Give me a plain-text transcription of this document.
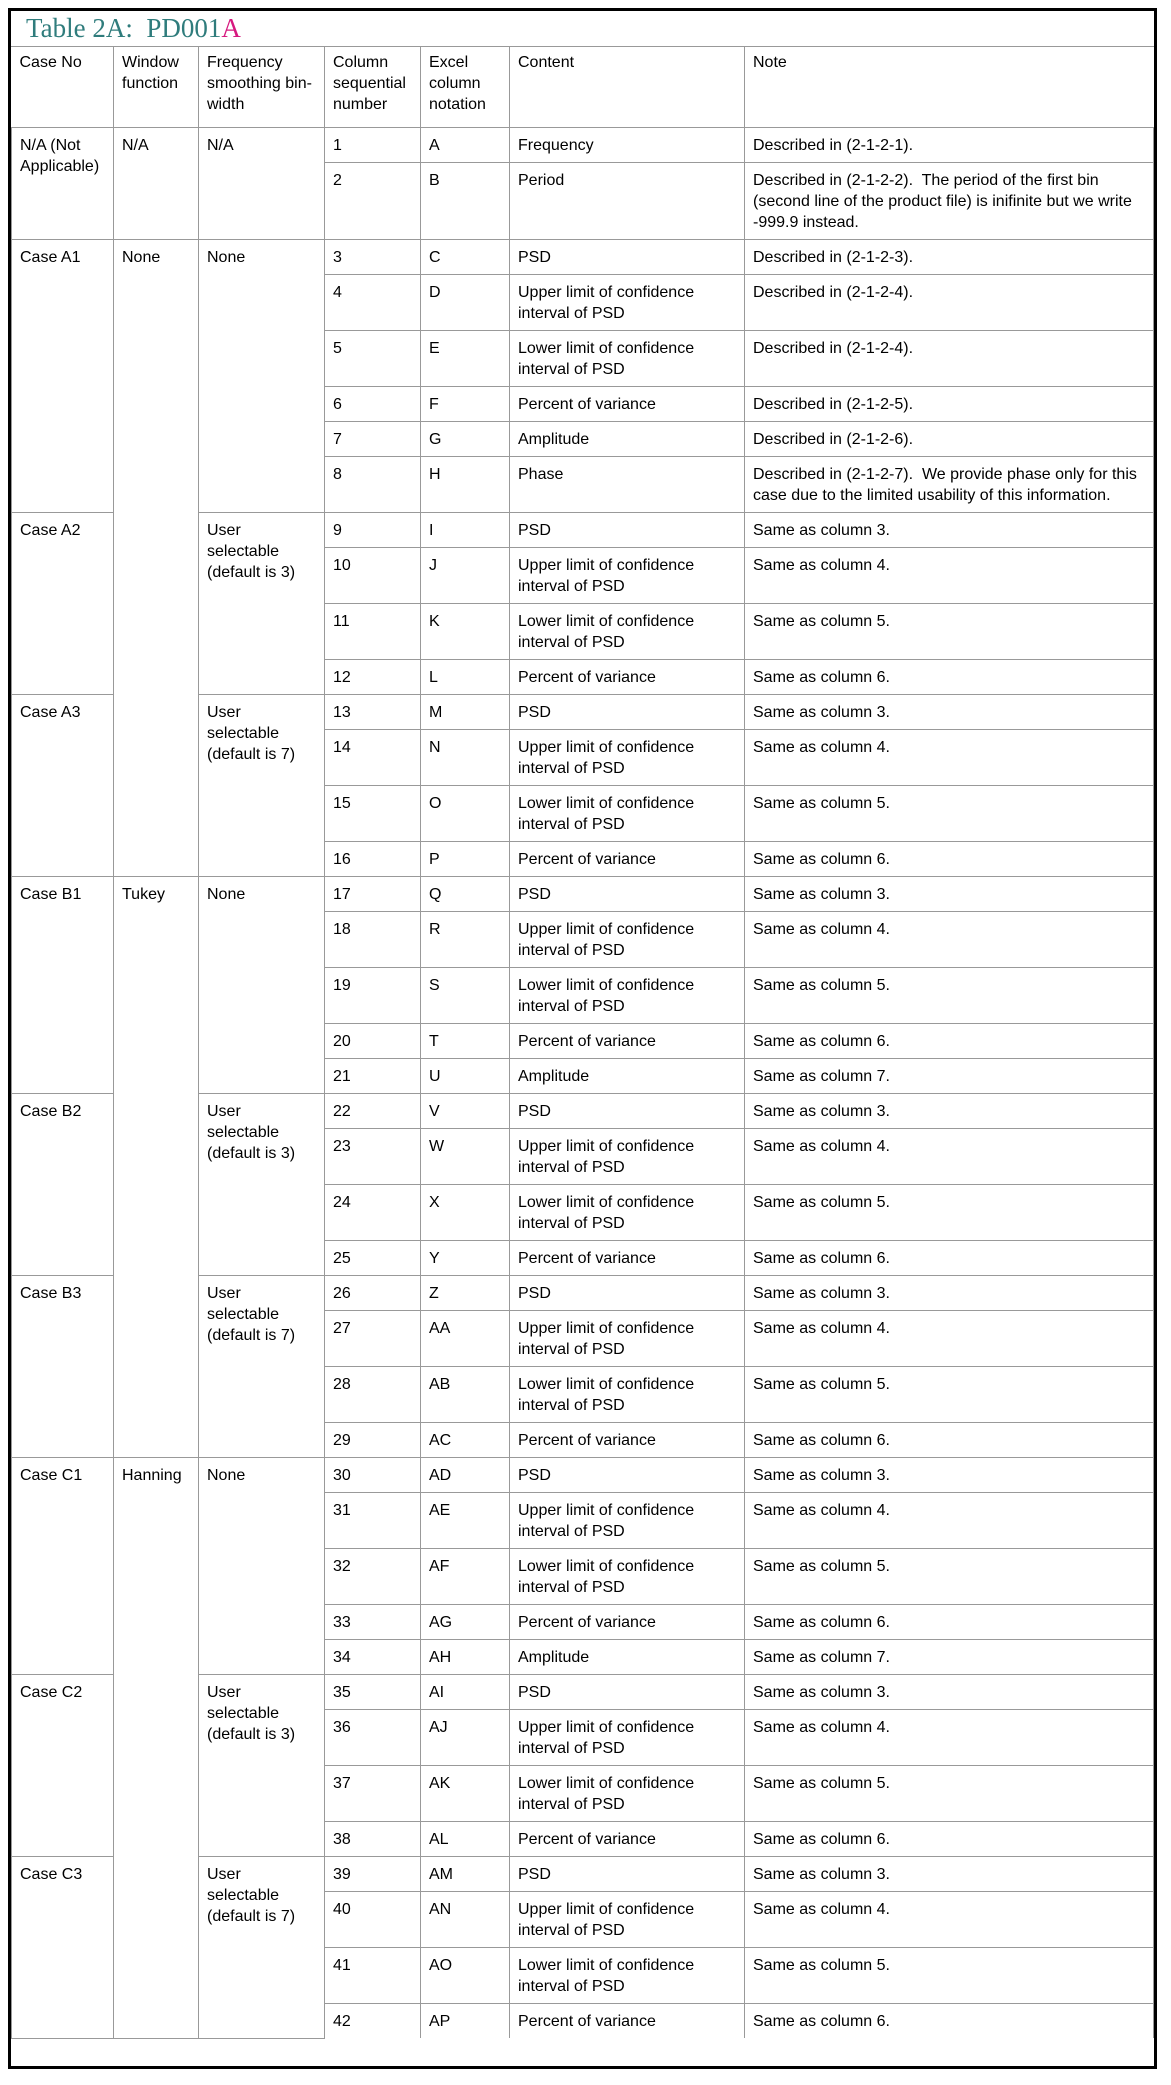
Table 2A:  PD001A
Case No	Window function	Frequency smoothing bin-width	Column sequential number	Excel column notation	Content	Note
N/A (Not Applicable)	N/A	N/A	1	A	Frequency	Described in (2-1-2-1).
			2	B	Period	Described in (2-1-2-2).  The period of the first bin (second line of the product file) is inifinite but we write -999.9 instead.
Case A1	None	None	3	C	PSD	Described in (2-1-2-3).
			4	D	Upper limit of confidence interval of PSD	Described in (2-1-2-4).
			5	E	Lower limit of confidence interval of PSD	Described in (2-1-2-4).
			6	F	Percent of variance	Described in (2-1-2-5).
			7	G	Amplitude	Described in (2-1-2-6).
			8	H	Phase	Described in (2-1-2-7).  We provide phase only for this case due to the limited usability of this information.
Case A2		User selectable (default is 3)	9	I	PSD	Same as column 3.
			10	J	Upper limit of confidence interval of PSD	Same as column 4.
			11	K	Lower limit of confidence interval of PSD	Same as column 5.
			12	L	Percent of variance	Same as column 6.
Case A3		User selectable (default is 7)	13	M	PSD	Same as column 3.
			14	N	Upper limit of confidence interval of PSD	Same as column 4.
			15	O	Lower limit of confidence interval of PSD	Same as column 5.
			16	P	Percent of variance	Same as column 6.
Case B1	Tukey	None	17	Q	PSD	Same as column 3.
			18	R	Upper limit of confidence interval of PSD	Same as column 4.
			19	S	Lower limit of confidence interval of PSD	Same as column 5.
			20	T	Percent of variance	Same as column 6.
			21	U	Amplitude	Same as column 7.
Case B2		User selectable (default is 3)	22	V	PSD	Same as column 3.
			23	W	Upper limit of confidence interval of PSD	Same as column 4.
			24	X	Lower limit of confidence interval of PSD	Same as column 5.
			25	Y	Percent of variance	Same as column 6.
Case B3		User selectable (default is 7)	26	Z	PSD	Same as column 3.
			27	AA	Upper limit of confidence interval of PSD	Same as column 4.
			28	AB	Lower limit of confidence interval of PSD	Same as column 5.
			29	AC	Percent of variance	Same as column 6.
Case C1	Hanning	None	30	AD	PSD	Same as column 3.
			31	AE	Upper limit of confidence interval of PSD	Same as column 4.
			32	AF	Lower limit of confidence interval of PSD	Same as column 5.
			33	AG	Percent of variance	Same as column 6.
			34	AH	Amplitude	Same as column 7.
Case C2		User selectable (default is 3)	35	AI	PSD	Same as column 3.
			36	AJ	Upper limit of confidence interval of PSD	Same as column 4.
			37	AK	Lower limit of confidence interval of PSD	Same as column 5.
			38	AL	Percent of variance	Same as column 6.
Case C3		User selectable (default is 7)	39	AM	PSD	Same as column 3.
			40	AN	Upper limit of confidence interval of PSD	Same as column 4.
			41	AO	Lower limit of confidence interval of PSD	Same as column 5.
			42	AP	Percent of variance	Same as column 6.
